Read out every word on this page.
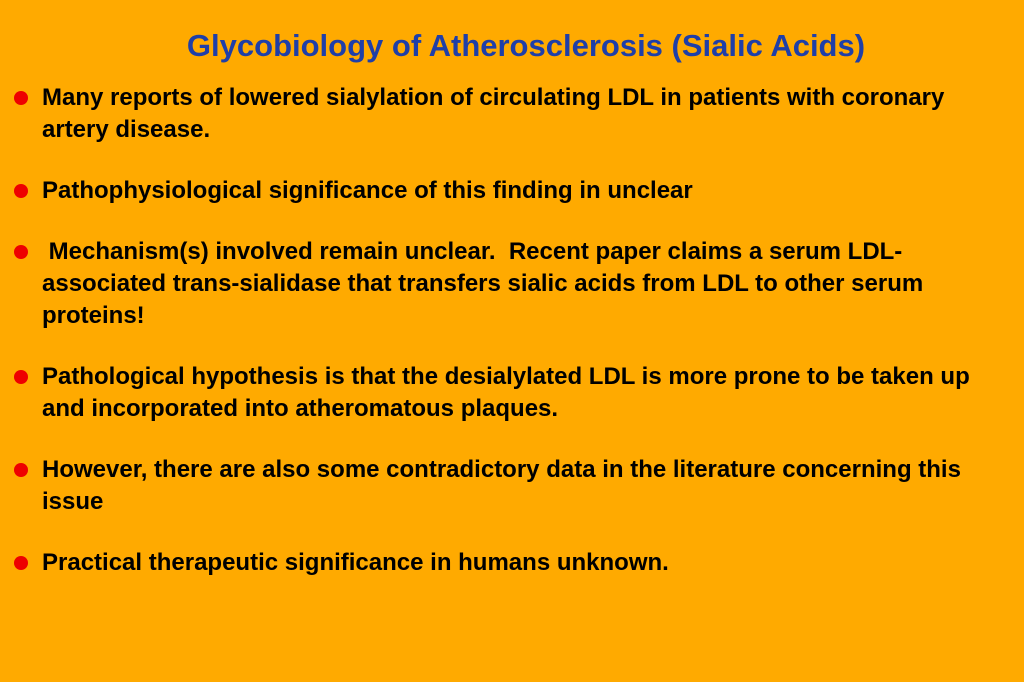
Glycobiology of Atherosclerosis (Sialic Acids)
Many reports of lowered sialylation of circulating LDL in patients with coronary artery disease.
Pathophysiological significance of this finding in unclear
Mechanism(s) involved remain unclear.  Recent paper claims a serum LDL-associated trans-sialidase that transfers sialic acids from LDL to other serum proteins!
Pathological hypothesis is that the desialylated LDL is more prone to be taken up and incorporated into atheromatous plaques.
However, there are also some contradictory data in the literature concerning this issue
Practical therapeutic significance in humans unknown.
